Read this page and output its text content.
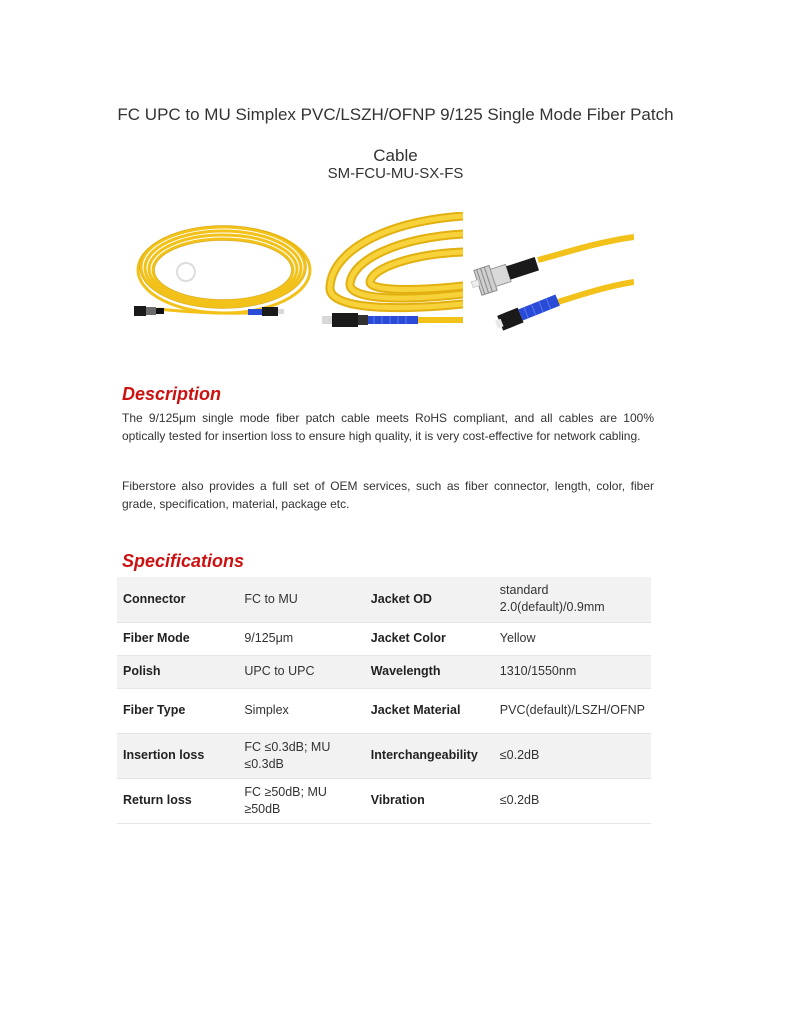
FC UPC to MU Simplex PVC/LSZH/OFNP 9/125 Single Mode Fiber Patch Cable
SM-FCU-MU-SX-FS
Description

The 9/125μm single mode fiber patch cable meets RoHS compliant, and all cables are 100% optically tested for insertion loss to ensure high quality, it is very cost-effective for network cabling.

Fiberstore also provides a full set of OEM services, such as fiber connector, length, color, fiber grade, specification, material, package etc.

Specifications
Connector	FC to MU	Jacket OD	standard 2.0(default)/0.9mm
Fiber Mode	9/125μm	Jacket Color	Yellow
Polish	UPC to UPC	Wavelength	1310/1550nm
Fiber Type	Simplex	Jacket Material	PVC(default)/LSZH/OFNP
Insertion loss	FC ≤0.3dB; MU ≤0.3dB	Interchangeability	≤0.2dB
Return loss	FC ≥50dB; MU ≥50dB	Vibration	≤0.2dB
